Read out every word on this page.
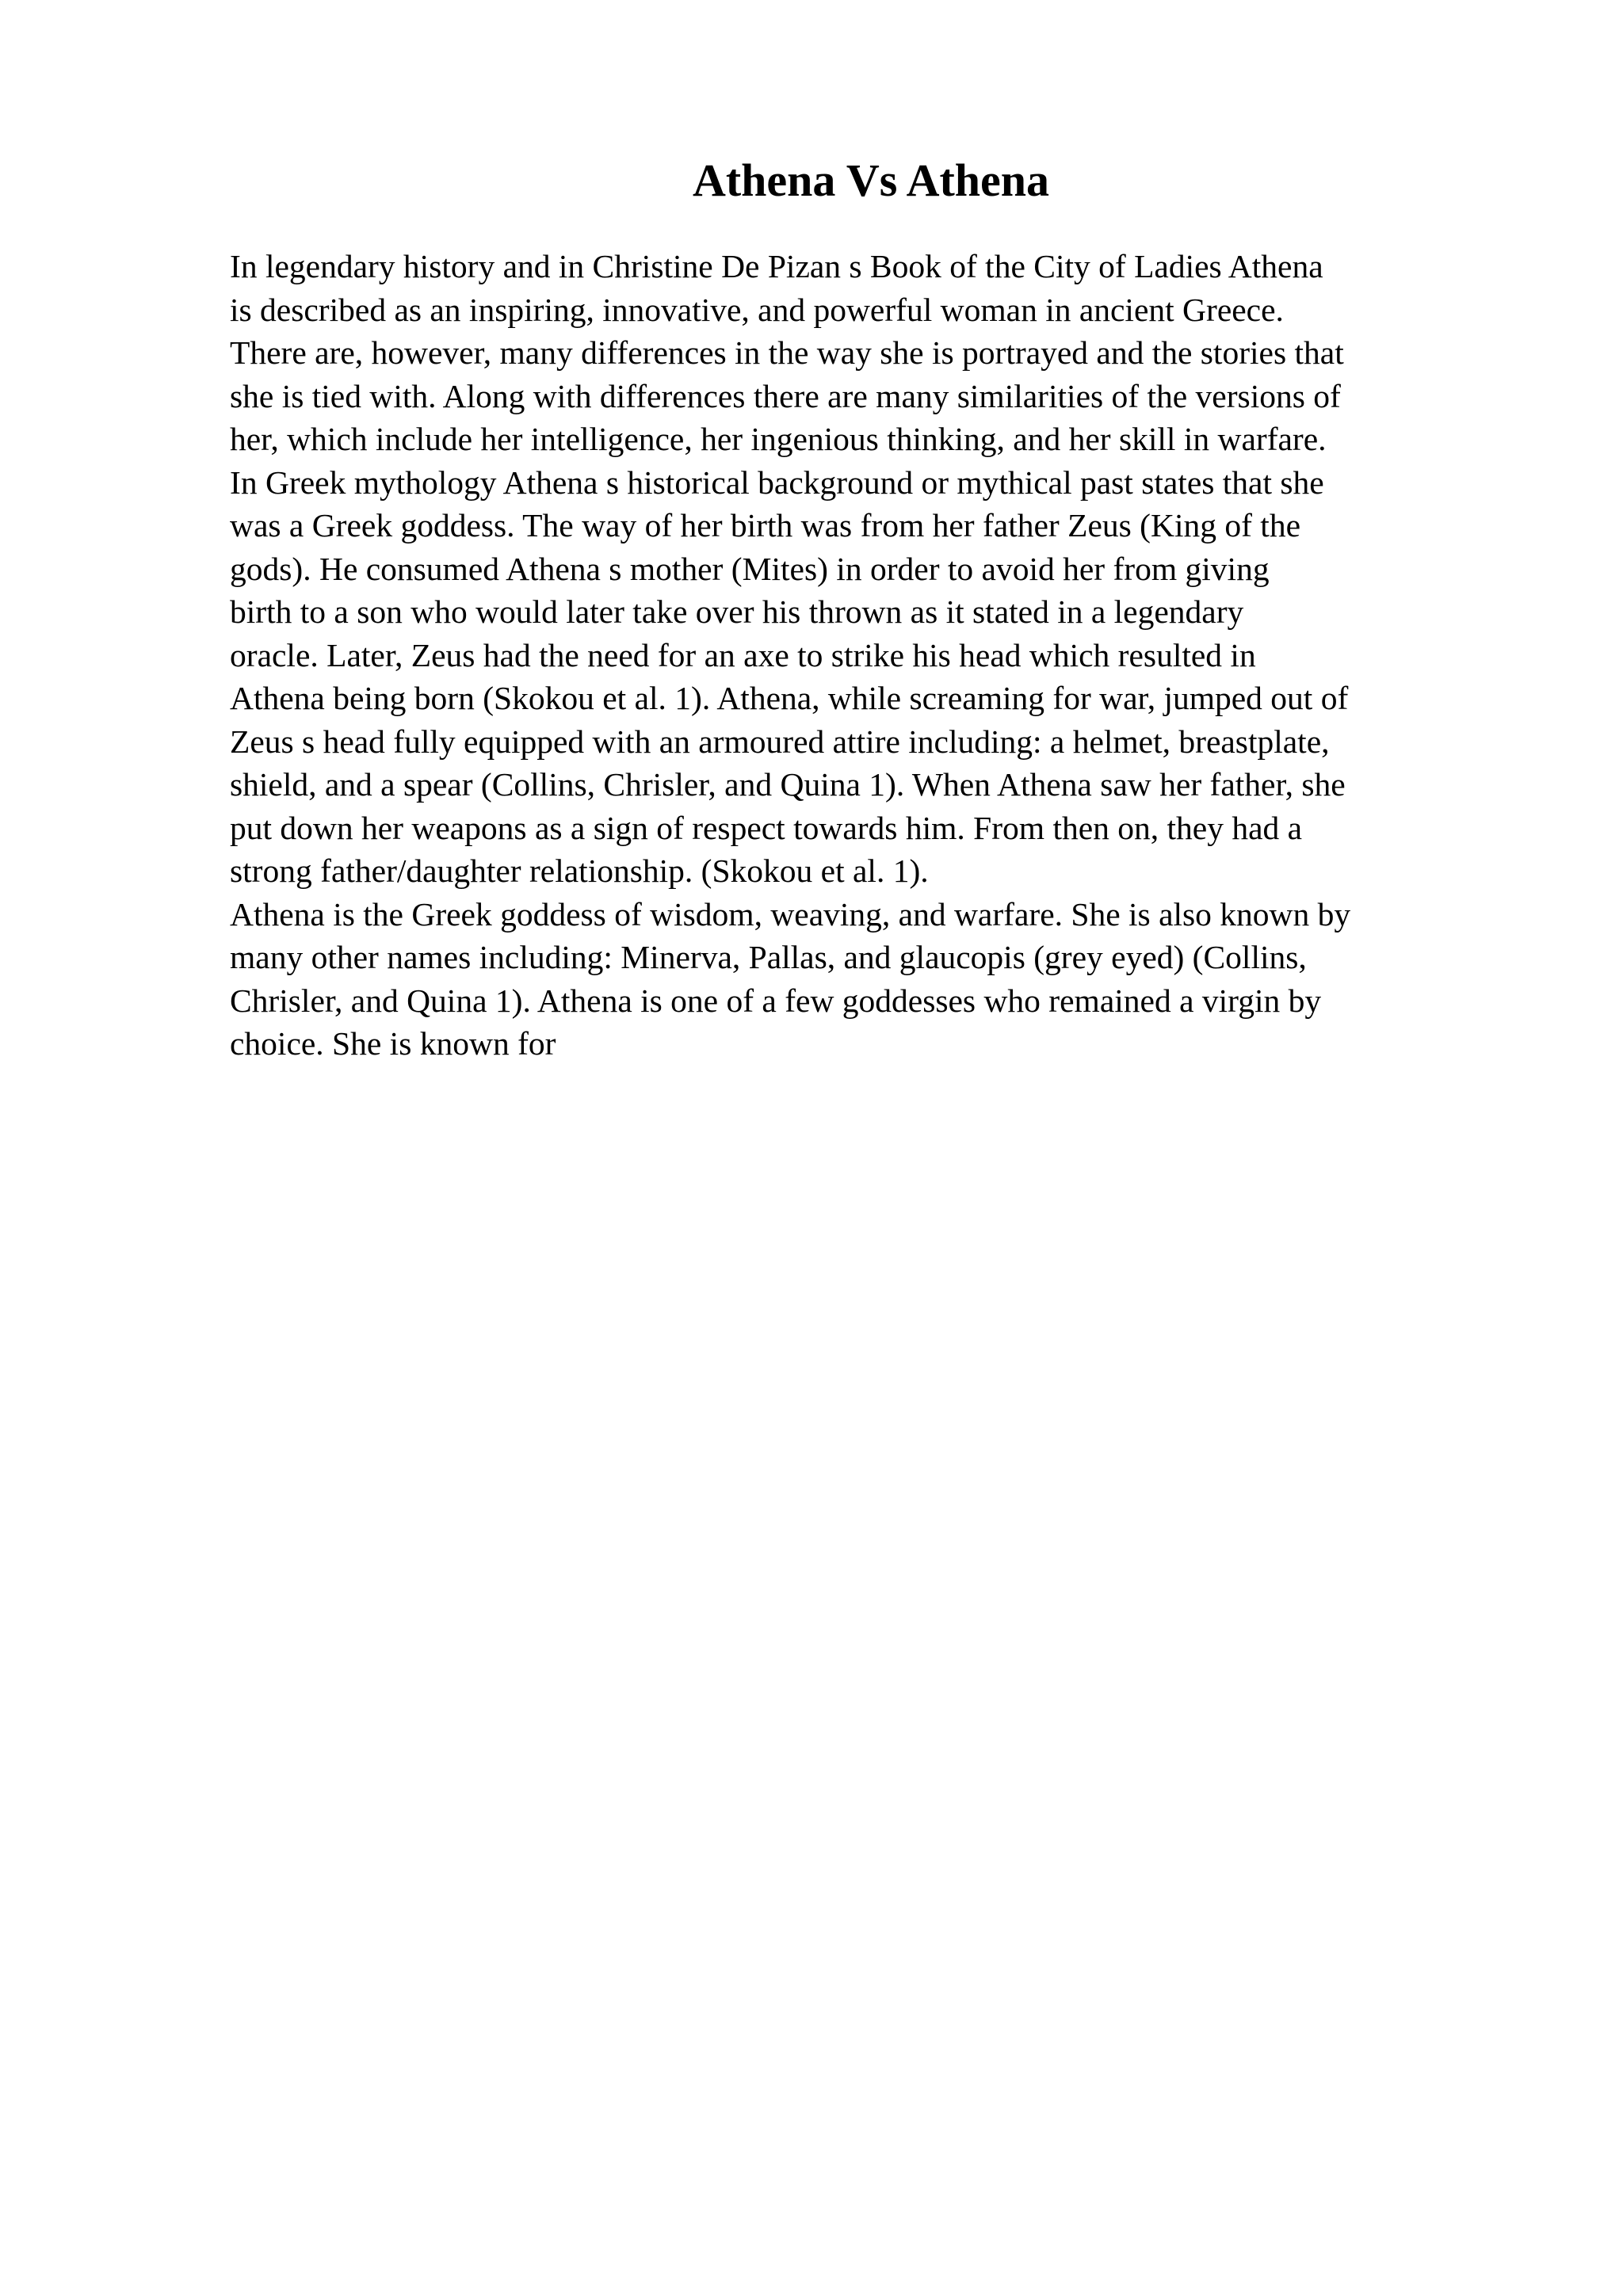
Athena Vs Athena
In legendary history and in Christine De Pizan s Book of the City of Ladies Athena
is described as an inspiring, innovative, and powerful woman in ancient Greece.
There are, however, many differences in the way she is portrayed and the stories that
she is tied with. Along with differences there are many similarities of the versions of
her, which include her intelligence, her ingenious thinking, and her skill in warfare.
In Greek mythology Athena s historical background or mythical past states that she
was a Greek goddess. The way of her birth was from her father Zeus (King of the
gods). He consumed Athena s mother (Mites) in order to avoid her from giving
birth to a son who would later take over his thrown as it stated in a legendary
oracle. Later, Zeus had the need for an axe to strike his head which resulted in
Athena being born (Skokou et al. 1). Athena, while screaming for war, jumped out of
Zeus s head fully equipped with an armoured attire including: a helmet, breastplate,
shield, and a spear (Collins, Chrisler, and Quina 1). When Athena saw her father, she
put down her weapons as a sign of respect towards him. From then on, they had a
strong father/daughter relationship. (Skokou et al. 1).
Athena is the Greek goddess of wisdom, weaving, and warfare. She is also known by
many other names including: Minerva, Pallas, and glaucopis (grey eyed) (Collins,
Chrisler, and Quina 1). Athena is one of a few goddesses who remained a virgin by
choice. She is known for
